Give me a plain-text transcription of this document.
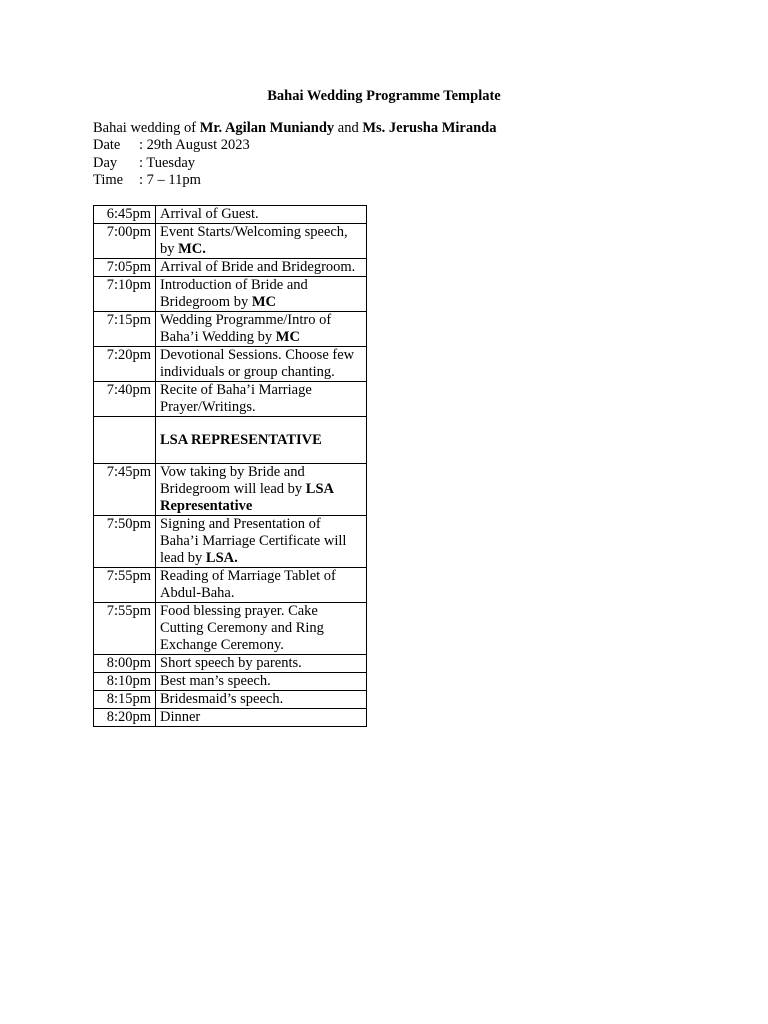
Bahai Wedding Programme Template
Bahai wedding of Mr. Agilan Muniandy and Ms. Jerusha Miranda
Date : 29th August 2023
Day : Tuesday
Time : 7 – 11pm
6:45pm	Arrival of Guest.
7:00pm	Event Starts/Welcoming speech, by MC.
7:05pm	Arrival of Bride and Bridegroom.
7:10pm	Introduction of Bride and Bridegroom by MC
7:15pm	Wedding Programme/Intro of Baha’i Wedding by MC
7:20pm	Devotional Sessions. Choose few individuals or group chanting.
7:40pm	Recite of Baha’i Marriage Prayer/Writings.
	LSA REPRESENTATIVE
7:45pm	Vow taking by Bride and Bridegroom will lead by LSA Representative
7:50pm	Signing and Presentation of Baha’i Marriage Certificate will lead by LSA.
7:55pm	Reading of Marriage Tablet of Abdul-Baha.
7:55pm	Food blessing prayer. Cake Cutting Ceremony and Ring Exchange Ceremony.
8:00pm	Short speech by parents.
8:10pm	Best man’s speech.
8:15pm	Bridesmaid’s speech.
8:20pm	Dinner
